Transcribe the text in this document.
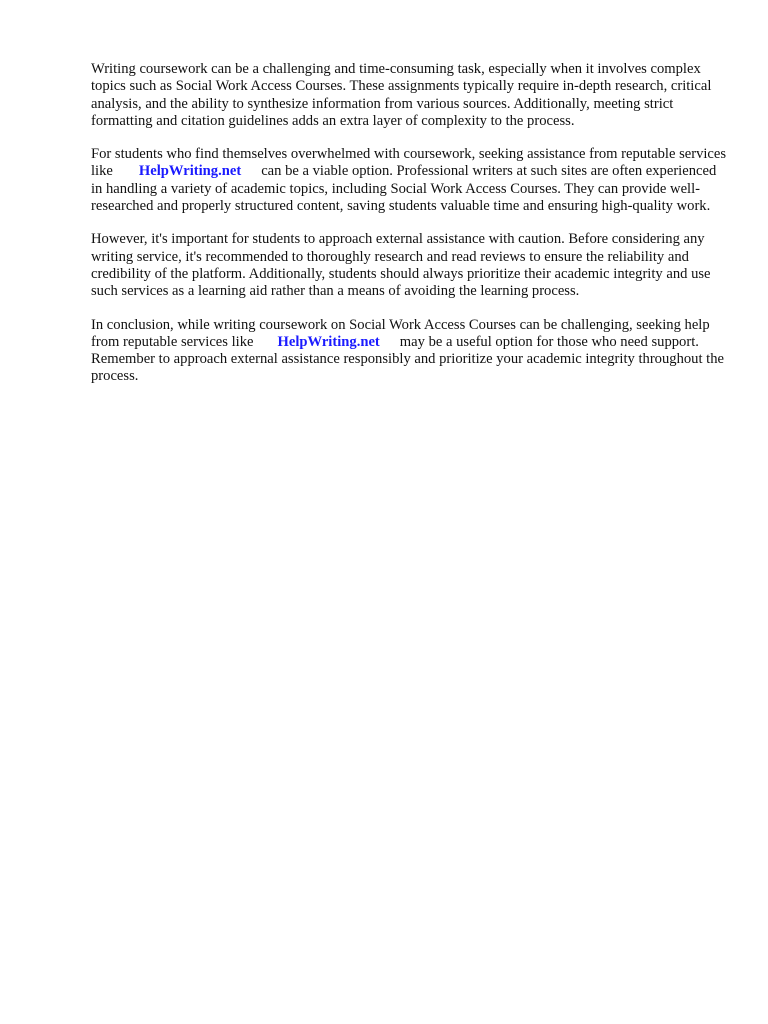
Writing coursework can be a challenging and time-consuming task, especially when it involves complex topics such as Social Work Access Courses. These assignments typically require in-depth research, critical analysis, and the ability to synthesize information from various sources. Additionally, meeting strict formatting and citation guidelines adds an extra layer of complexity to the process.

For students who find themselves overwhelmed with coursework, seeking assistance from reputable services like HelpWriting.net can be a viable option. Professional writers at such sites are often experienced in handling a variety of academic topics, including Social Work Access Courses. They can provide well-researched and properly structured content, saving students valuable time and ensuring high-quality work.

However, it's important for students to approach external assistance with caution. Before considering any writing service, it's recommended to thoroughly research and read reviews to ensure the reliability and credibility of the platform. Additionally, students should always prioritize their academic integrity and use such services as a learning aid rather than a means of avoiding the learning process.

In conclusion, while writing coursework on Social Work Access Courses can be challenging, seeking help from reputable services like HelpWriting.net may be a useful option for those who need support. Remember to approach external assistance responsibly and prioritize your academic integrity throughout the process.
